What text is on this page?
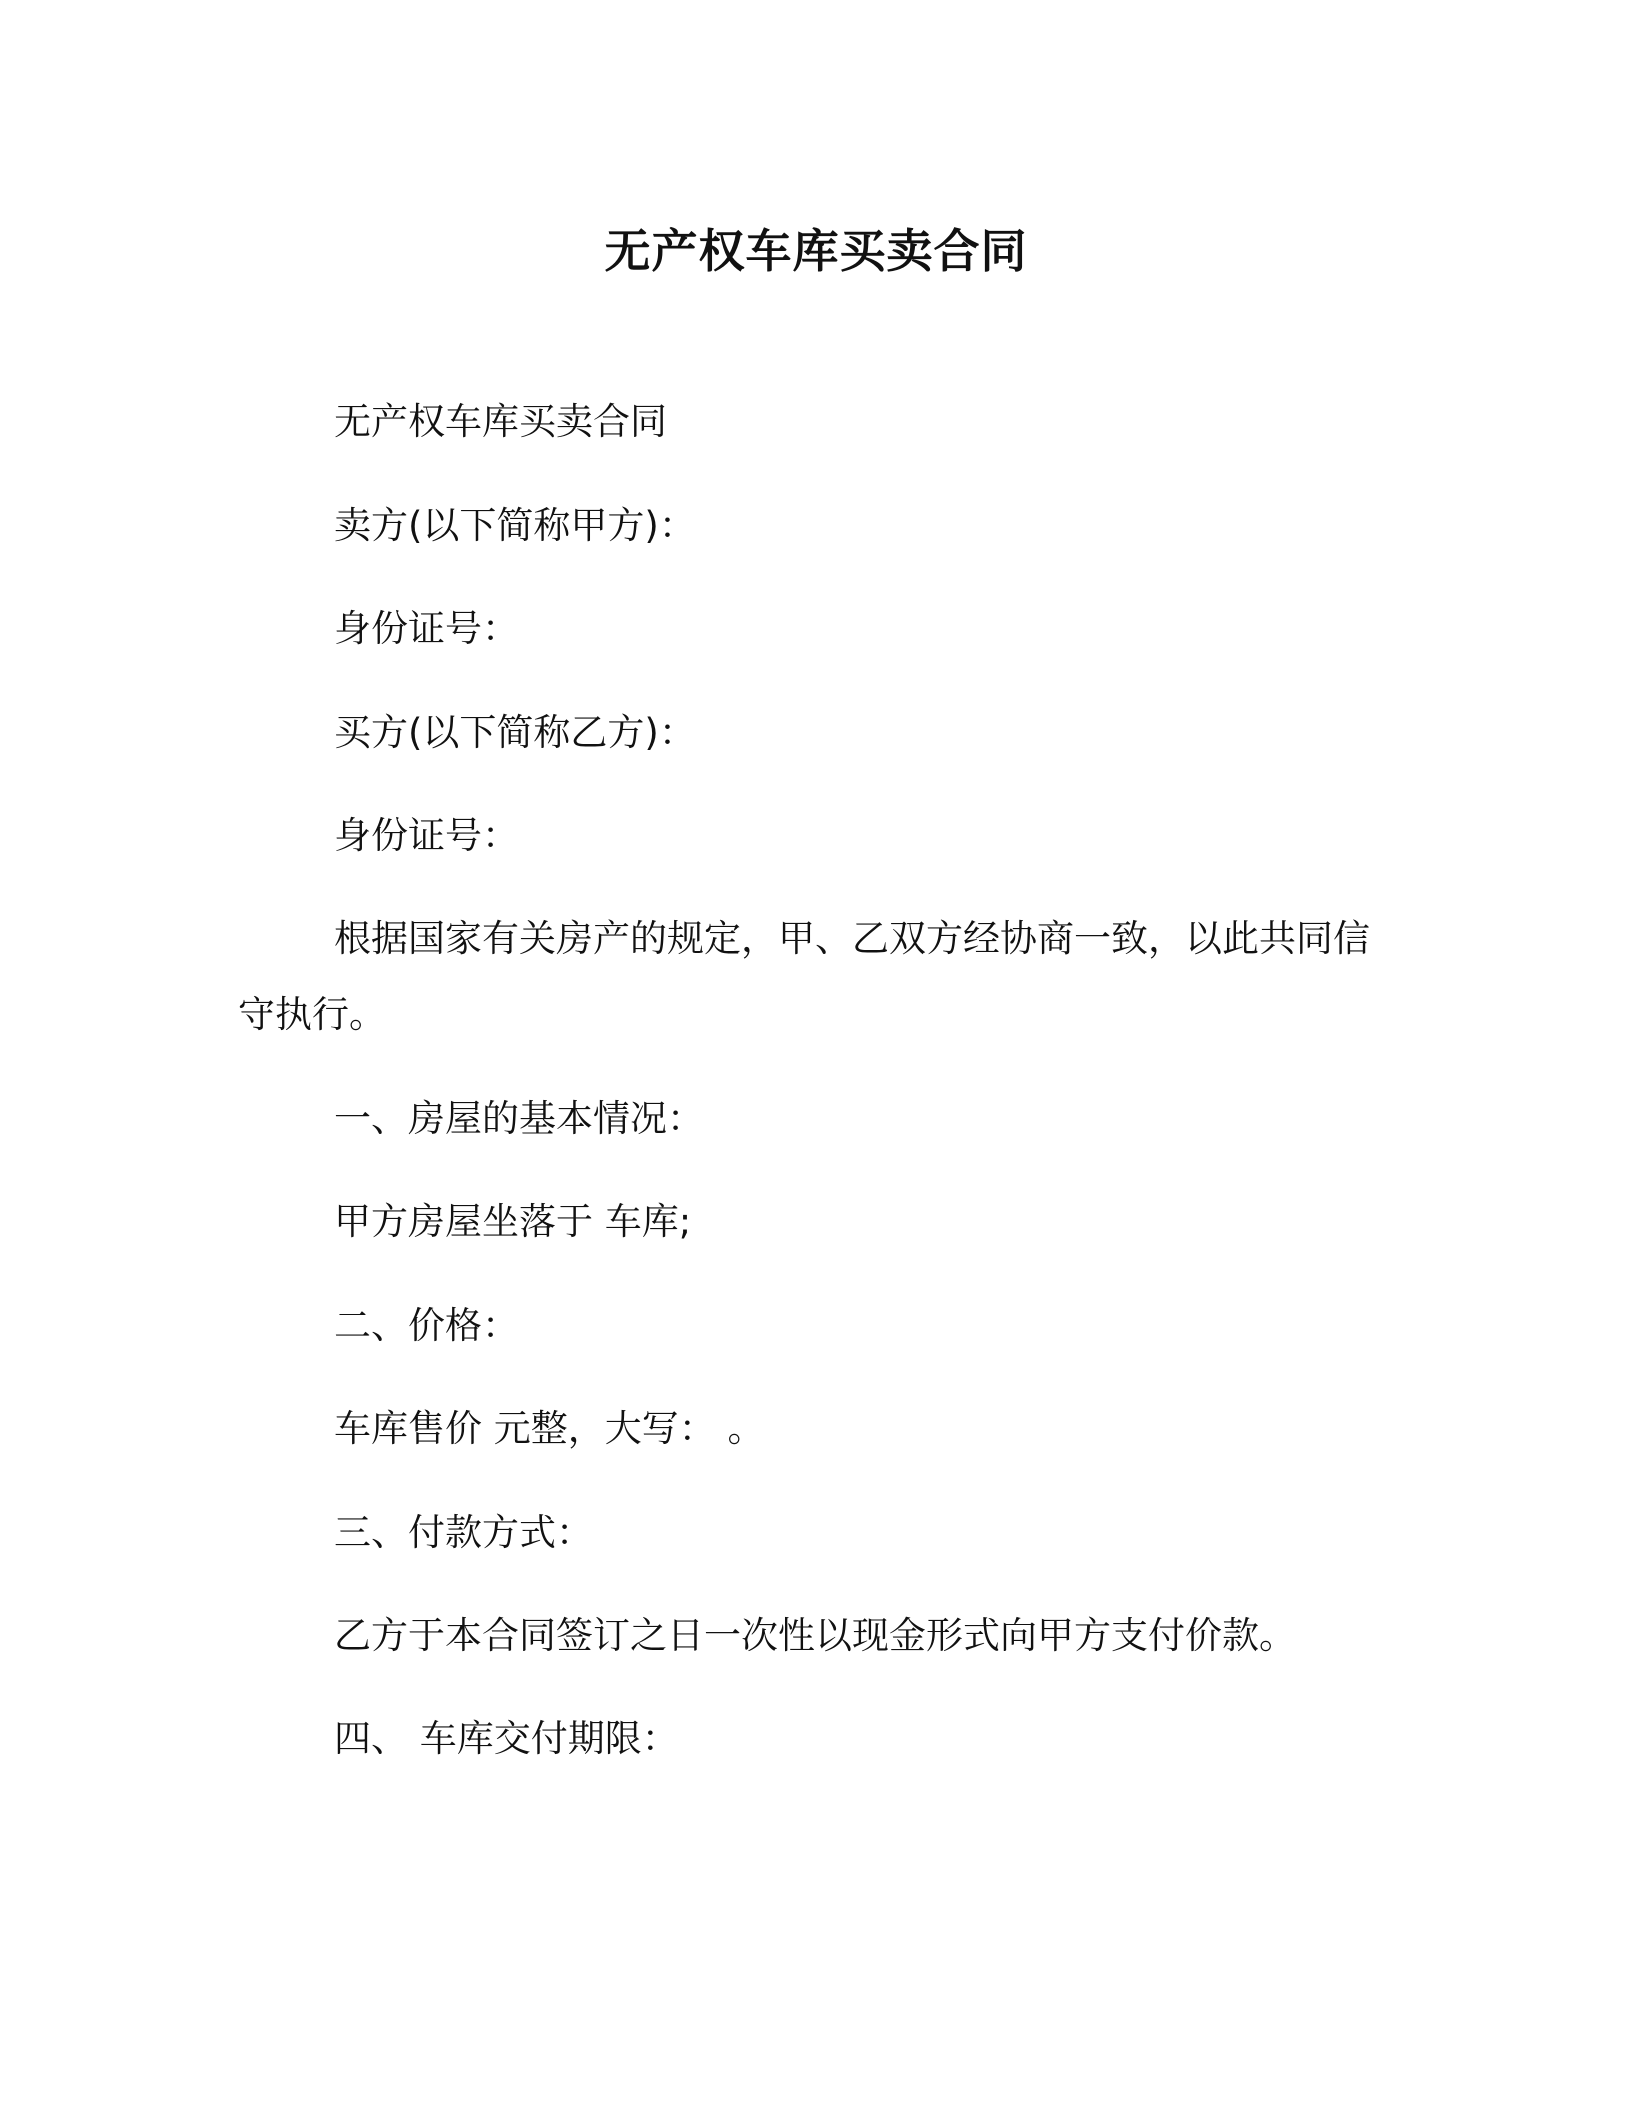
无产权车库买卖合同
无产权车库买卖合同
卖方(以下简称甲方)：
身份证号：
买方(以下简称乙方)：
身份证号：
根据国家有关房产的规定，甲、乙双方经协商一致，以此共同信
守执行。
一、房屋的基本情况：
甲方房屋坐落于 车库;
二、价格：
车库售价 元整，大写： 。
三、付款方式：
乙方于本合同签订之日一次性以现金形式向甲方支付价款。
四、 车库交付期限：
